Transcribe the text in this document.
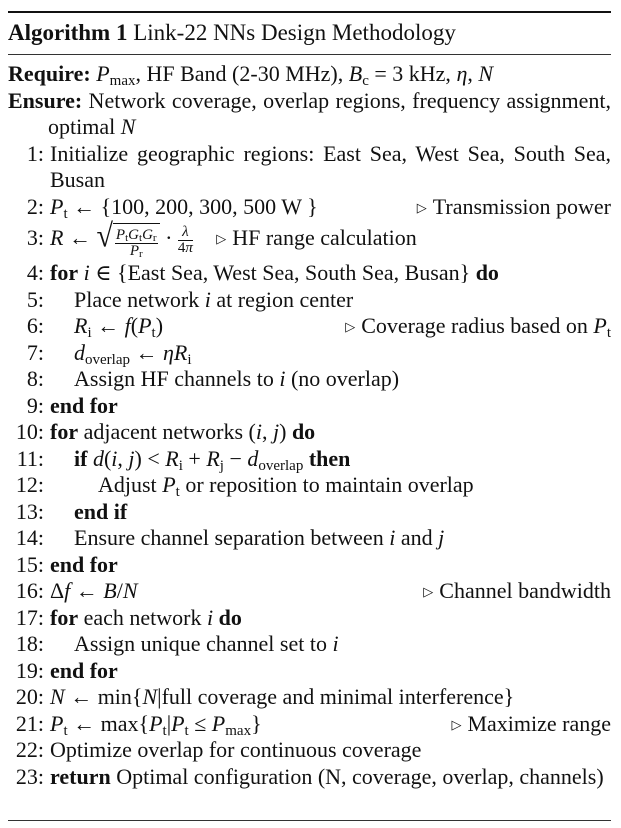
Algorithm 1 Link-22 NNs Design Methodology
Require: $P_{max}$, HF Band (2-30 MHz), $B_c = 3$ kHz, η, N
Ensure: Network coverage, overlap regions, frequency assignment, optimal N
1: Initialize geographic regions: East Sea, West Sea, South Sea, Busan
2:	▷ Transmission power
$P_t$ ← {100, 200, 300, 500 W }
3:	▷ HF range calculation
R ← √ $\frac{P_tG_tG_r}{P_r} \cdot \frac{\lambda}{4\pi}$
4: for i ∈ {East Sea, West Sea, South Sea, Busan} do
5:	Place network i at region center
6:	▷ Coverage radius based on $P_t$
$R_i$ ← $f(P_t)$
7:	$d_{overlap}$ ← $\eta R_i$
8:	Assign HF channels to i (no overlap)
9: end for
10: for adjacent networks (i, j) do
11:	if d(i, $j) < R_i + R_j - d_{overlap}$ then
12:	Adjust $P_t$ or reposition to maintain overlap
13:	end if
14:	Ensure channel separation between i and j
15: end for
16:	▷ Channel bandwidth
Δf ← B/N
17: for each network i do
18:	Assign unique channel set to i
19: end for
20: N ← min{N|full coverage and minimal interference}
21:	▷ Maximize range
$P_t$ ← $\max\{P_t|P_t \le P_{max}\}$
22: Optimize overlap for continuous coverage
23: return Optimal configuration (N, coverage, overlap, channels)
